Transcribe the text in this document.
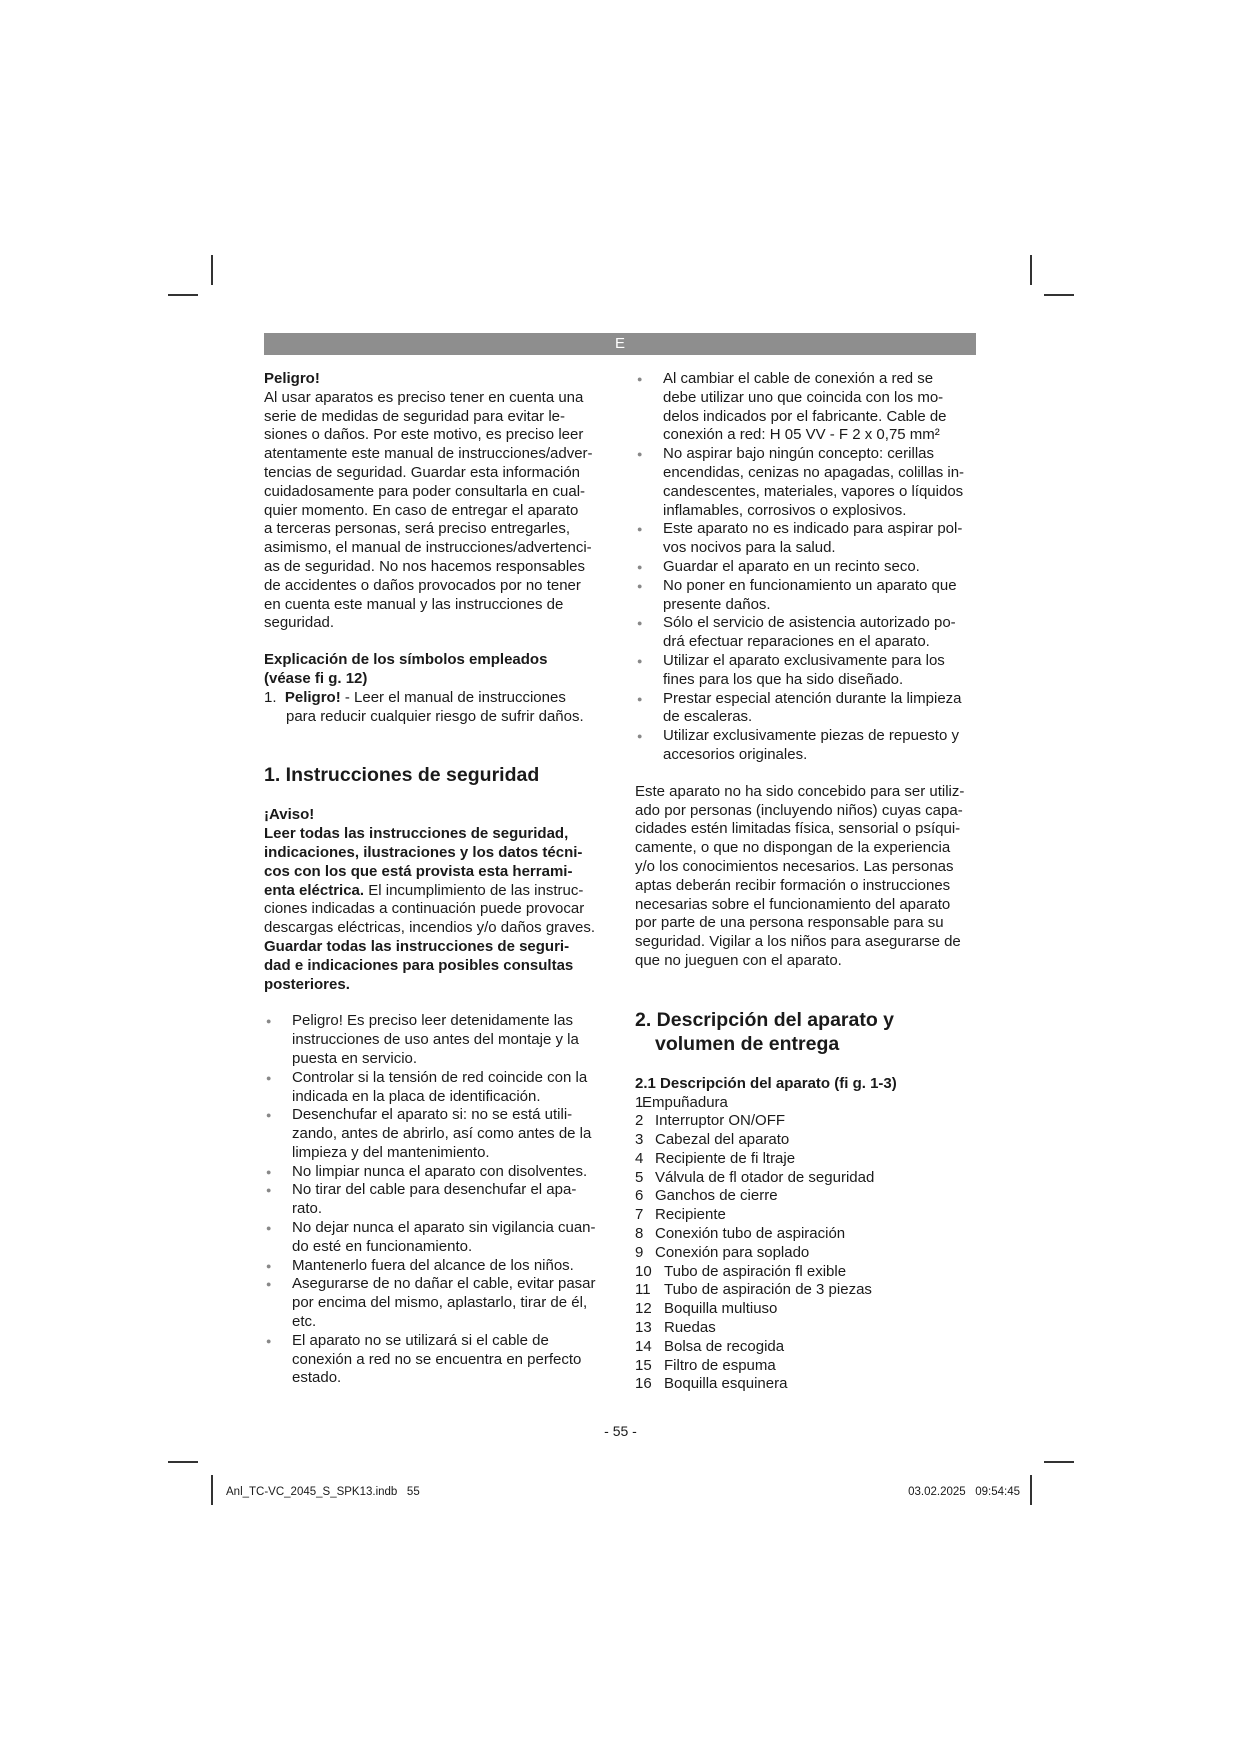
E

Peligro!

Al usar aparatos es preciso tener en cuenta una
serie de medidas de seguridad para evitar le-
siones o daños. Por este motivo, es preciso leer
atentamente este manual de instrucciones/adver-
tencias de seguridad. Guardar esta información
cuidadosamente para poder consultarla en cual-
quier momento. En caso de entregar el aparato
a terceras personas, será preciso entregarles,
asimismo, el manual de instrucciones/advertenci-
as de seguridad. No nos hacemos responsables
de accidentes o daños provocados por no tener
en cuenta este manual y las instrucciones de
seguridad.

Explicación de los símbolos empleados
(véase fi g. 12)

1. Peligro! - Leer el manual de instrucciones
para reducir cualquier riesgo de sufrir daños.

1. Instrucciones de seguridad

¡Aviso!

Leer todas las instrucciones de seguridad,
indicaciones, ilustraciones y los datos técni-
cos con los que está provista esta herrami-
enta eléctrica. El incumplimiento de las instruc-
ciones indicadas a continuación puede provocar
descargas eléctricas, incendios y/o daños graves.
Guardar todas las instrucciones de seguri-
dad e indicaciones para posibles consultas
posteriores.

● Peligro! Es preciso leer detenidamente las
instrucciones de uso antes del montaje y la
puesta en servicio.
● Controlar si la tensión de red coincide con la
indicada en la placa de identificación.
● Desenchufar el aparato si: no se está utili-
zando, antes de abrirlo, así como antes de la
limpieza y del mantenimiento.
● No limpiar nunca el aparato con disolventes.
● No tirar del cable para desenchufar el apa-
rato.
● No dejar nunca el aparato sin vigilancia cuan-
do esté en funcionamiento.
● Mantenerlo fuera del alcance de los niños.
● Asegurarse de no dañar el cable, evitar pasar
por encima del mismo, aplastarlo, tirar de él,
etc.
● El aparato no se utilizará si el cable de
conexión a red no se encuentra en perfecto
estado.
● Al cambiar el cable de conexión a red se
debe utilizar uno que coincida con los mo-
delos indicados por el fabricante. Cable de
conexión a red: H 05 VV - F 2 x 0,75 mm²
● No aspirar bajo ningún concepto: cerillas
encendidas, cenizas no apagadas, colillas in-
candescentes, materiales, vapores o líquidos
inflamables, corrosivos o explosivos.
● Este aparato no es indicado para aspirar pol-
vos nocivos para la salud.
● Guardar el aparato en un recinto seco.
● No poner en funcionamiento un aparato que
presente daños.
● Sólo el servicio de asistencia autorizado po-
drá efectuar reparaciones en el aparato.
● Utilizar el aparato exclusivamente para los
fines para los que ha sido diseñado.
● Prestar especial atención durante la limpieza
de escaleras.
● Utilizar exclusivamente piezas de repuesto y
accesorios originales.

Este aparato no ha sido concebido para ser utiliz-
ado por personas (incluyendo niños) cuyas capa-
cidades estén limitadas física, sensorial o psíqui-
camente, o que no dispongan de la experiencia
y/o los conocimientos necesarios. Las personas
aptas deberán recibir formación o instrucciones
necesarias sobre el funcionamiento del aparato
por parte de una persona responsable para su
seguridad. Vigilar a los niños para asegurarse de
que no jueguen con el aparato.

2. Descripción del aparato y
volumen de entrega

2.1 Descripción del aparato (fi g. 1-3)

1
Empuñadura
2 Interruptor ON/OFF
3 Cabezal del aparato
4 Recipiente de fi ltraje
5 Válvula de fl otador de seguridad
6 Ganchos de cierre
7 Recipiente
8 Conexión tubo de aspiración
9 Conexión para soplado
10 Tubo de aspiración fl exible
11 Tubo de aspiración de 3 piezas
12 Boquilla multiuso
13 Ruedas
14 Bolsa de recogida
15 Filtro de espuma
16 Boquilla esquinera
- 55 -
Anl_TC-VC_2045_S_SPK13.indb   55	03.02.2025   09:54:45
